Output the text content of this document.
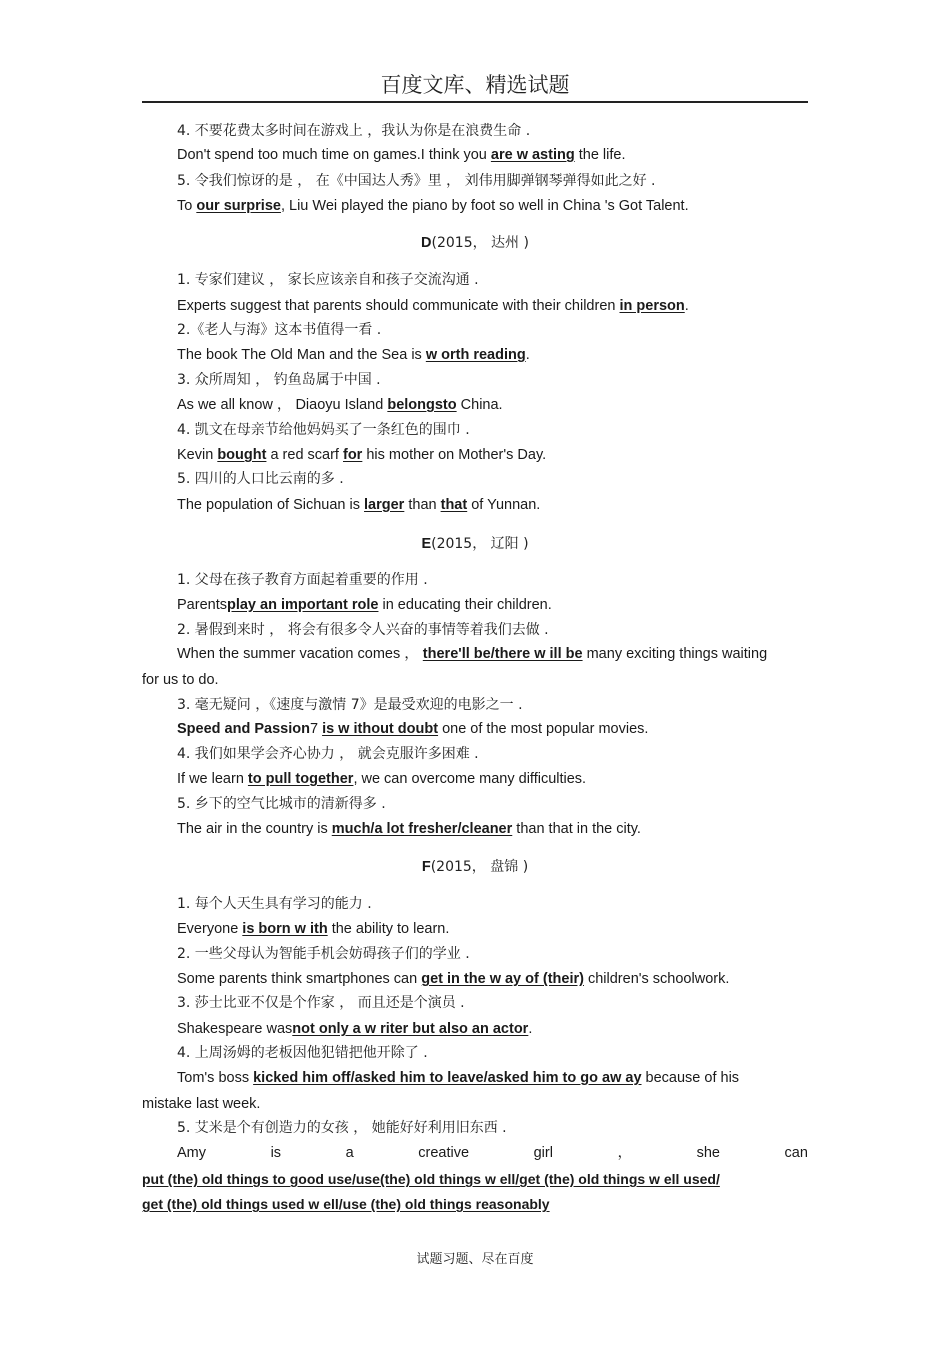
百度文库、精选试题
4. 不要花费太多时间在游戏上 ，我认为你是在浪费生命 .
Don't spend too much time on games.I think you are w asting the life.
5. 令我们惊讶的是 ， 在《中国达人秀》里 ， 刘伟用脚弹钢琴弹得如此之好 .
To our surprise, Liu Wei played the piano by foot so well in China 's Got Talent.
D(2015， 达州 )
1. 专家们建议 ， 家长应该亲自和孩子交流沟通 .
Experts suggest that parents should communicate with their children in person.
2.《老人与海》这本书值得一看 .
The book The Old Man and the Sea is w orth reading.
3. 众所周知 ， 钓鱼岛属于中国 .
As we all know ， Diaoyu Island belongsto China.
4. 凯文在母亲节给他妈妈买了一条红色的围巾 .
Kevin bought a red scarf for his mother on Mother's Day.
5. 四川的人口比云南的多 .
The population of Sichuan is larger than that of Yunnan.
E(2015， 辽阳 )
1. 父母在孩子教育方面起着重要的作用 .
Parentsplay an important role in educating their children.
2. 暑假到来时 ， 将会有很多令人兴奋的事情等着我们去做 .
When the summer vacation comes ， there'll be/there w ill be many exciting things waiting
for us to do.
3. 毫无疑问 ，《速度与激情 7》是最受欢迎的电影之一 .
Speed and Passion7 is w ithout doubt one of the most popular movies.
4. 我们如果学会齐心协力 ， 就会克服许多困难 .
If we learn to pull together, we can overcome many difficulties.
5. 乡下的空气比城市的清新得多 .
The air in the country is much/a lot fresher/cleaner than that in the city.
F(2015， 盘锦 )
1. 每个人天生具有学习的能力 .
Everyone is born w ith the ability to learn.
2. 一些父母认为智能手机会妨碍孩子们的学业 .
Some parents think smartphones can get in the w ay of (their) children's schoolwork.
3. 莎士比亚不仅是个作家 ， 而且还是个演员 .
Shakespeare wasnot only a w riter but also an actor.
4. 上周汤姆的老板因他犯错把他开除了 .
Tom's boss kicked him off/asked him to leave/asked him to go aw ay because of his
mistake last week.
5. 艾米是个有创造力的女孩 ， 她能好好利用旧东西 .
Amy	is	a	creative	girl	，	she	can
put (the) old things to good use/use(the) old things w ell/get (the) old things w ell used/
get (the) old things used w ell/use (the) old things reasonably
试题习题、尽在百度
